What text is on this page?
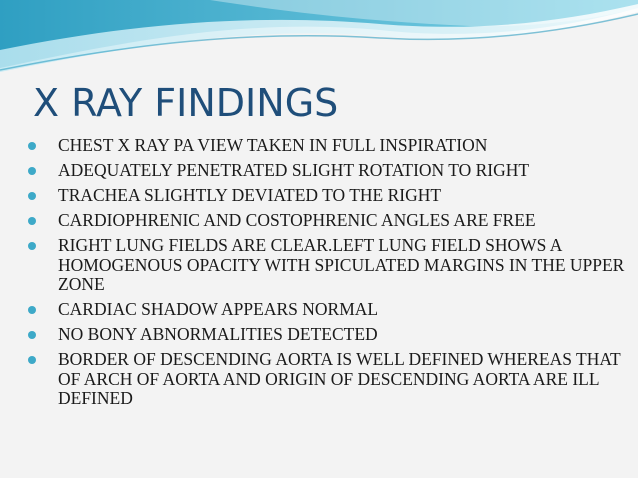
X RAY FINDINGS
CHEST X RAY PA VIEW TAKEN IN FULL INSPIRATION
ADEQUATELY PENETRATED SLIGHT ROTATION TO RIGHT
TRACHEA SLIGHTLY DEVIATED TO THE RIGHT
CARDIOPHRENIC AND COSTOPHRENIC ANGLES ARE FREE
RIGHT LUNG FIELDS ARE CLEAR.LEFT LUNG FIELD SHOWS A HOMOGENOUS OPACITY WITH SPICULATED MARGINS IN THE UPPER ZONE
CARDIAC SHADOW APPEARS NORMAL
NO BONY ABNORMALITIES DETECTED
BORDER OF DESCENDING AORTA IS WELL DEFINED WHEREAS THAT OF ARCH OF AORTA AND ORIGIN OF DESCENDING AORTA ARE ILL DEFINED
